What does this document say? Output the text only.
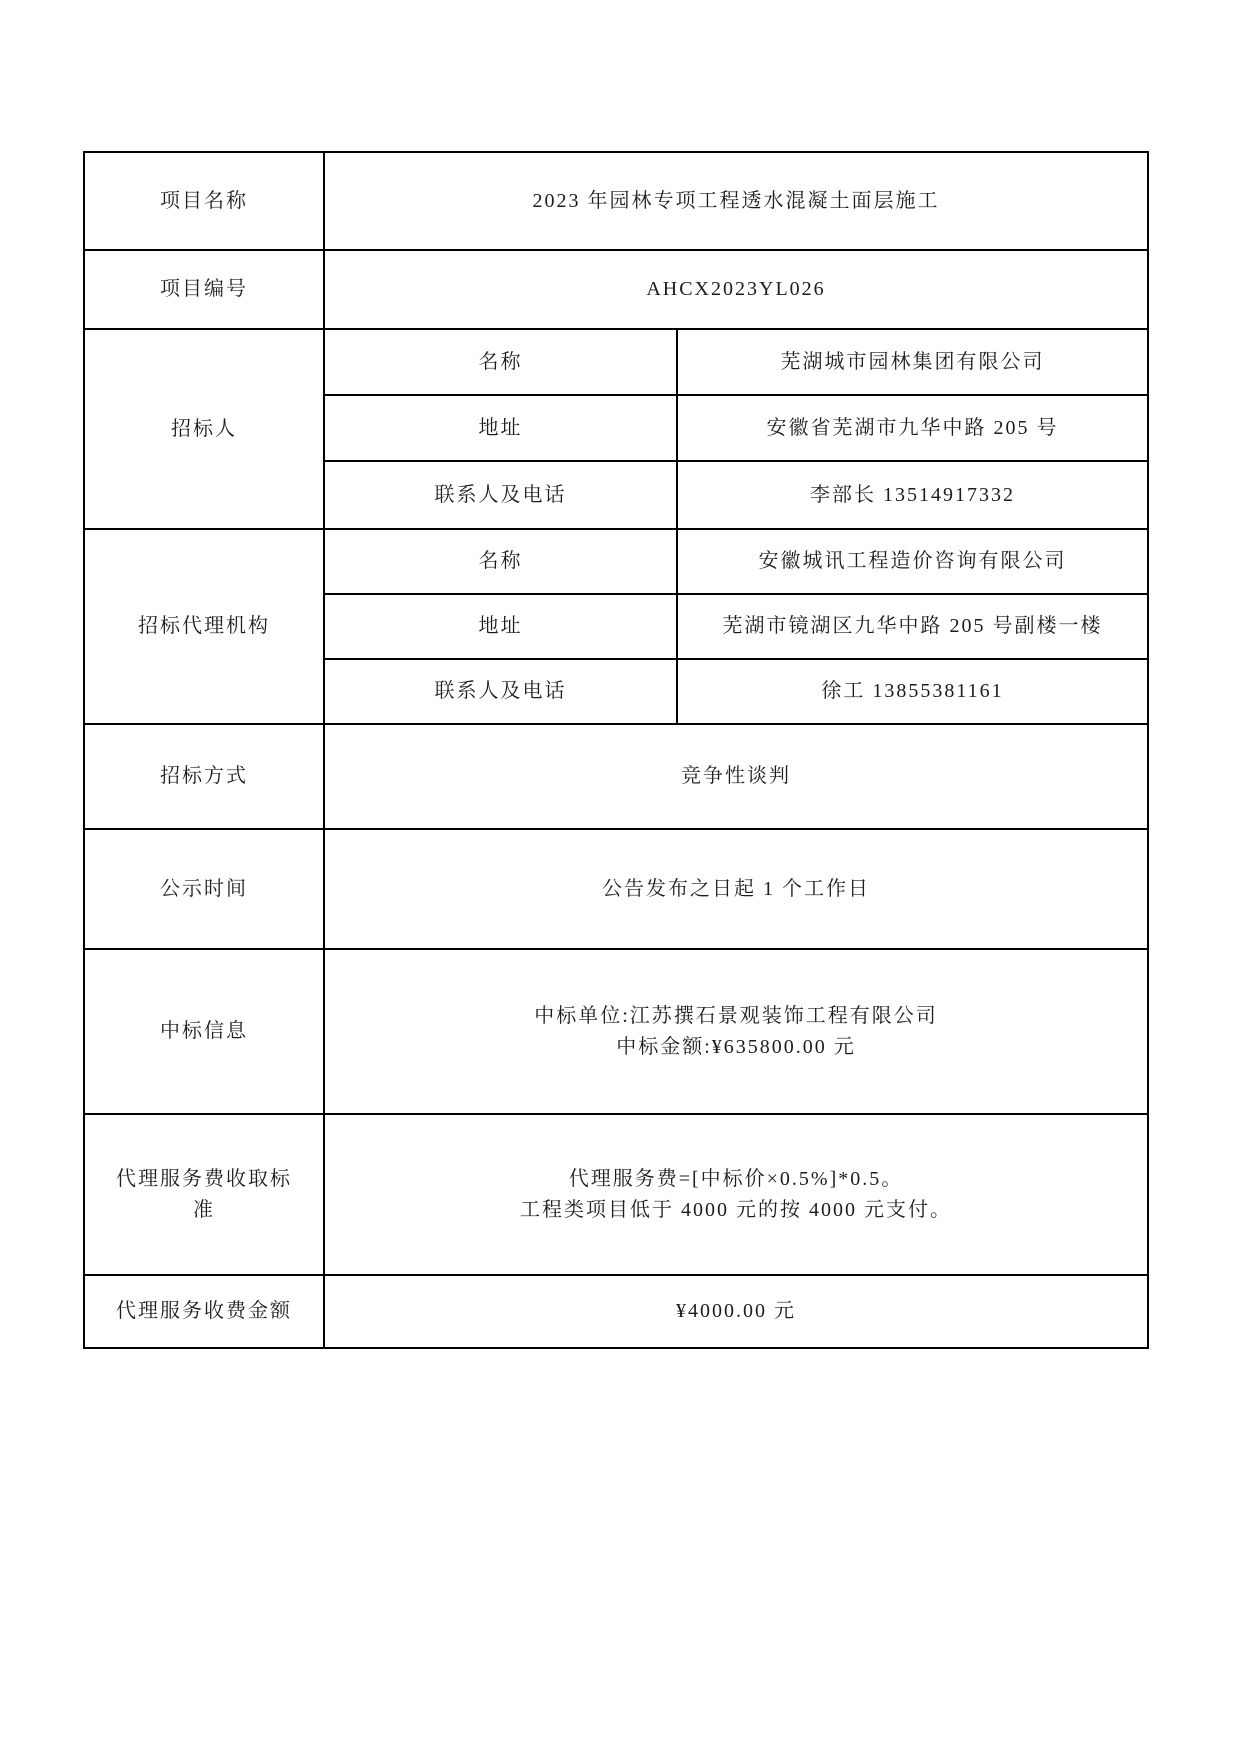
项目名称	2023 年园林专项工程透水混凝土面层施工	
项目编号	AHCX2023YL026	
招标人	名称	芜湖城市园林集团有限公司
	地址	安徽省芜湖市九华中路 205 号
	联系人及电话	李部长 13514917332
招标代理机构	名称	安徽城讯工程造价咨询有限公司
	地址	芜湖市镜湖区九华中路 205 号副楼一楼
	联系人及电话	徐工 13855381161
招标方式	竞争性谈判	
公示时间	公告发布之日起 1 个工作日	
中标信息	中标单位:江苏撰石景观装饰工程有限公司
中标金额:¥635800.00 元	

代理服务费收取标准	代理服务费=[中标价×0.5%]*0.5。
工程类项目低于 4000 元的按 4000 元支付。	

代理服务收费金额	¥4000.00 元	
